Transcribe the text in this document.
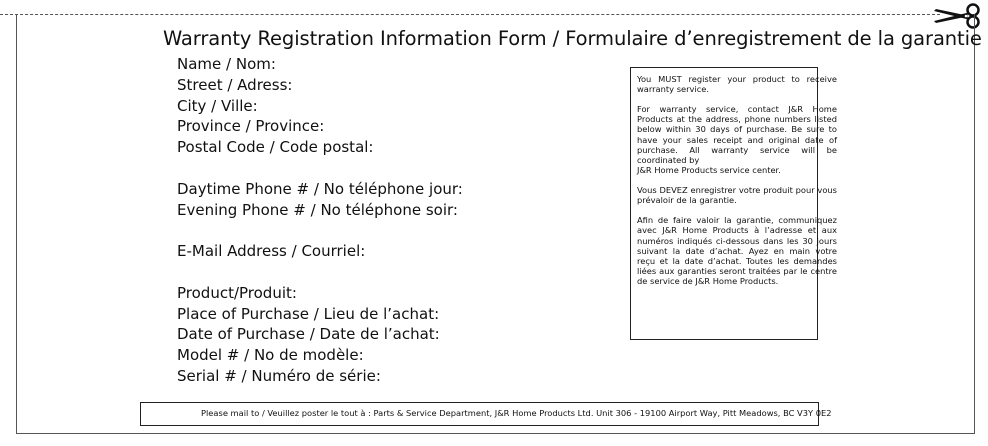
Warranty Registration Information Form / Formulaire d’enregistrement de la garantie
Name / Nom:
Street / Adress:
City / Ville:
Province / Province:
Postal Code / Code postal:
Daytime Phone # / No téléphone jour:
Evening Phone # / No téléphone soir:
E-Mail Address / Courriel:
Product/Produit:
Place of Purchase / Lieu de l’achat:
Date of Purchase / Date de l’achat:
Model # / No de modèle:
Serial # / Numéro de série:

You MUST register your product to receive warranty service.

For warranty service, contact J&R Home Products at the address, phone numbers listed below within 30 days of purchase. Be sure to have your sales receipt and original date of purchase. All warranty service will be coordinated by
J&R Home Products service center.

Vous DEVEZ enregistrer votre produit pour vous prévaloir de la garantie.

Afin de faire valoir la garantie, communiquez avec J&R Home Products à l’adresse et aux numéros indiqués ci-dessous dans les 30 jours suivant la date d’achat. Ayez en main votre reçu et la date d’achat. Toutes les demandes liées aux garanties seront traitées par le centre de service de J&R Home Products.

Please mail to / Veuillez poster le tout à : Parts & Service Department, J&R Home Products Ltd. Unit 306 - 19100 Airport Way, Pitt Meadows, BC V3Y 0E2
